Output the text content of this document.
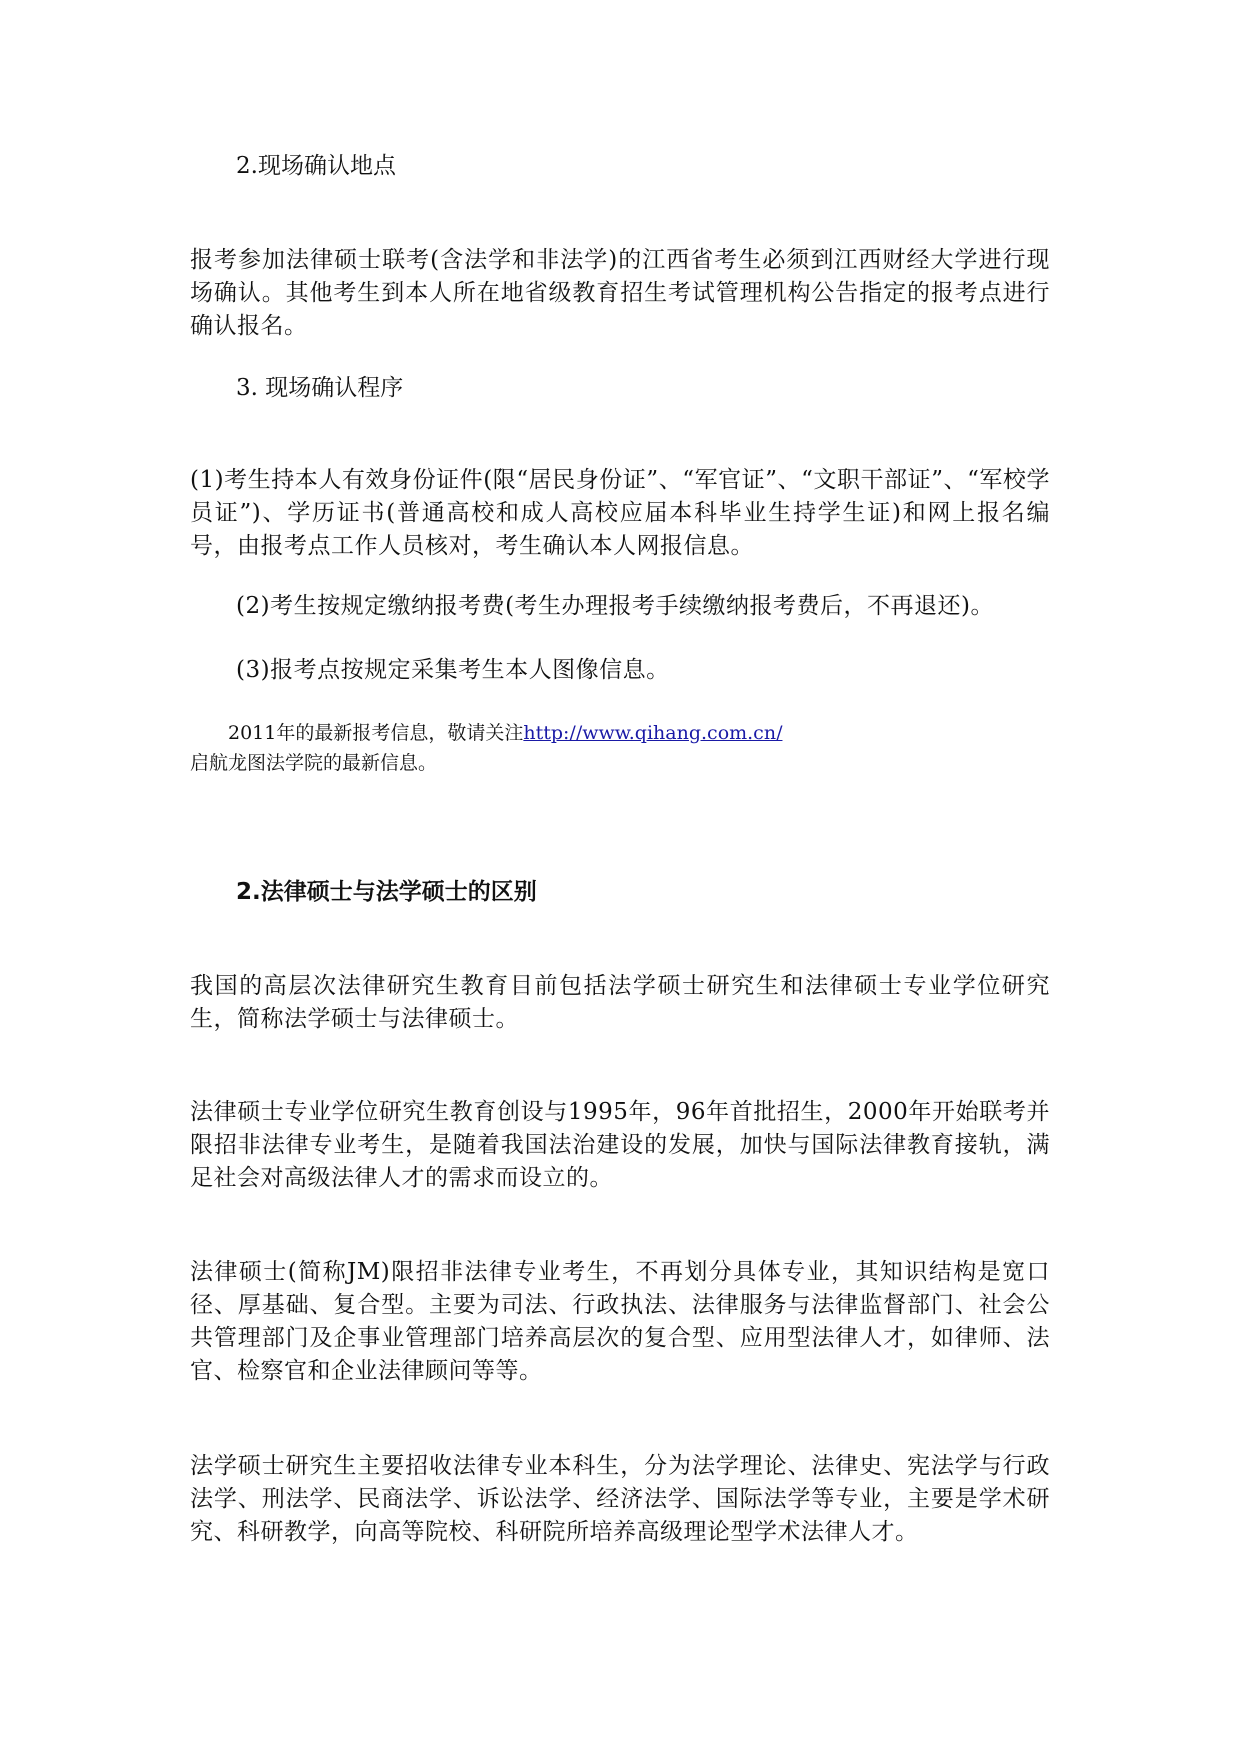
2.现场确认地点

报考参加法律硕士联考(含法学和非法学)的江西省考生必须到江西财经大学进行现场确认。其他考生到本人所在地省级教育招生考试管理机构公告指定的报考点进行确认报名。

3. 现场确认程序

(1)考生持本人有效身份证件(限“居民身份证”、“军官证”、“文职干部证”、“军校学员证”)、学历证书(普通高校和成人高校应届本科毕业生持学生证)和网上报名编号，由报考点工作人员核对，考生确认本人网报信息。

(2)考生按规定缴纳报考费(考生办理报考手续缴纳报考费后，不再退还)。

(3)报考点按规定采集考生本人图像信息。

2011年的最新报考信息，敬请关注http://www.qihang.com.cn/
启航龙图法学院的最新信息。

2.法律硕士与法学硕士的区别

我国的高层次法律研究生教育目前包括法学硕士研究生和法律硕士专业学位研究生，简称法学硕士与法律硕士。

法律硕士专业学位研究生教育创设与1995年，96年首批招生，2000年开始联考并限招非法律专业考生，是随着我国法治建设的发展，加快与国际法律教育接轨，满足社会对高级法律人才的需求而设立的。

法律硕士(简称JM)限招非法律专业考生，不再划分具体专业，其知识结构是宽口径、厚基础、复合型。主要为司法、行政执法、法律服务与法律监督部门、社会公共管理部门及企事业管理部门培养高层次的复合型、应用型法律人才，如律师、法官、检察官和企业法律顾问等等。

法学硕士研究生主要招收法律专业本科生，分为法学理论、法律史、宪法学与行政法学、刑法学、民商法学、诉讼法学、经济法学、国际法学等专业，主要是学术研究、科研教学，向高等院校、科研院所培养高级理论型学术法律人才。
